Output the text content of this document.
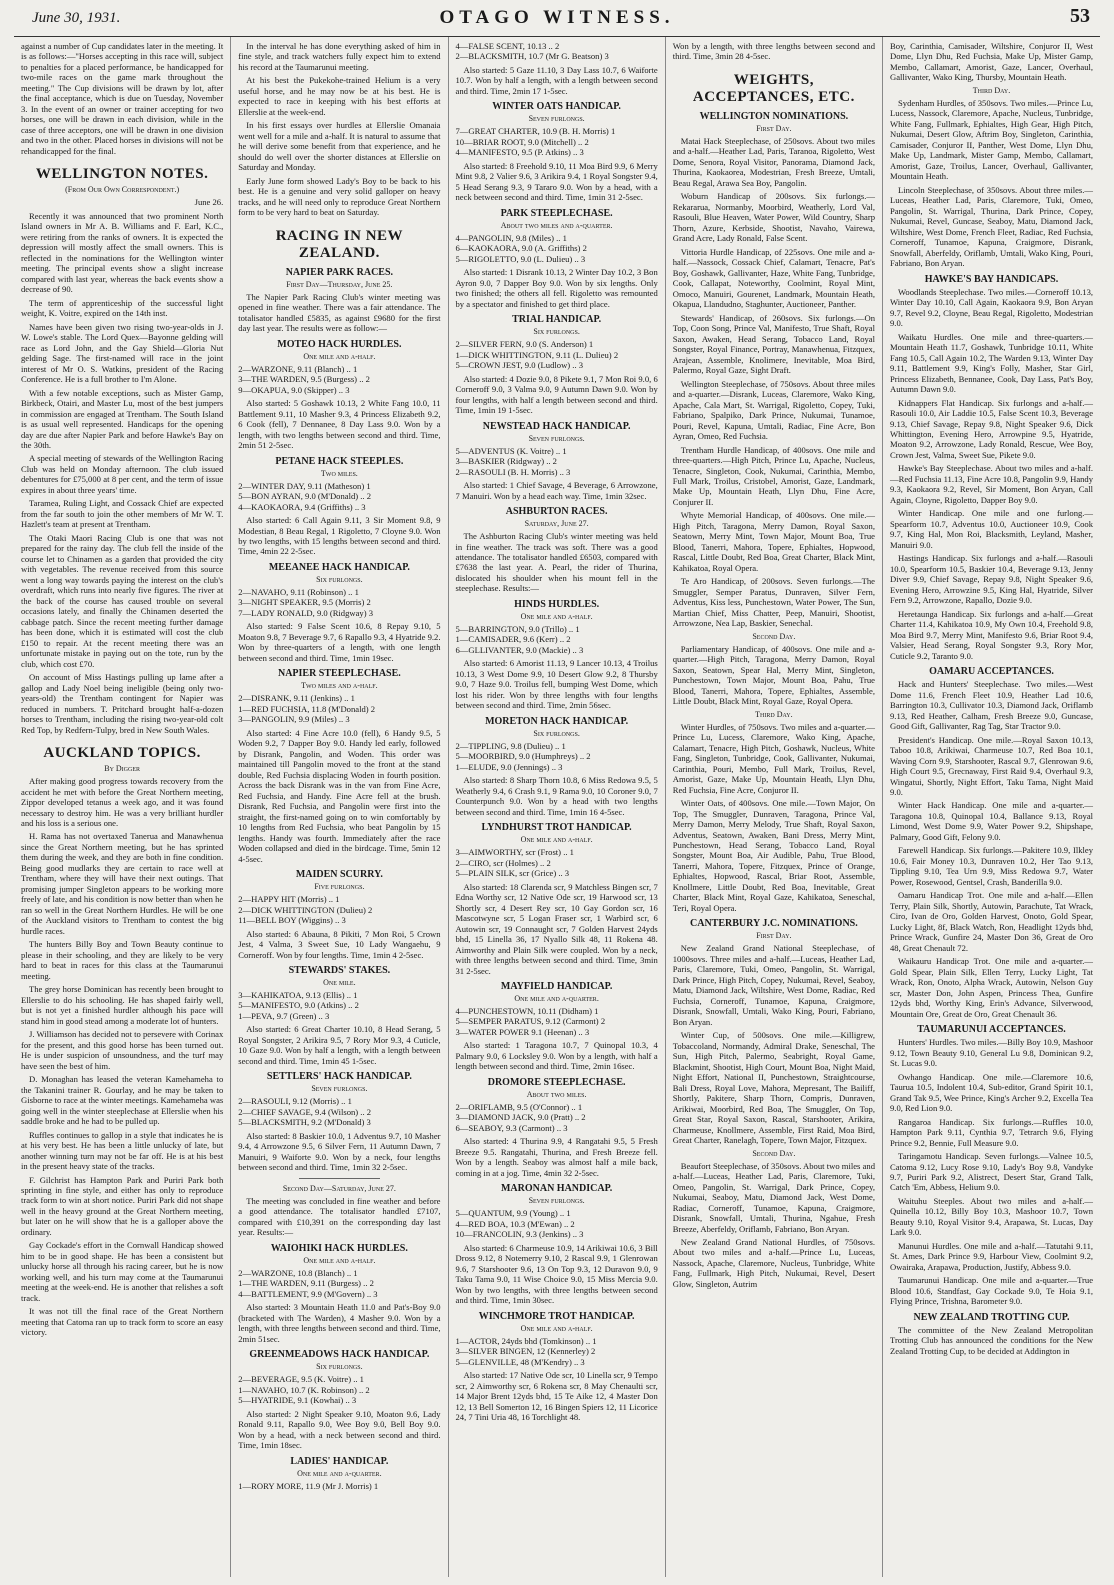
June 30, 1931.	OTAGO WITNESS.	53

against a number of Cup candidates later in the meeting. It is as follows:—"Horses accepting in this race will, subject to penalties for a placed performance, be handicapped for two-mile races on the game mark throughout the meeting." The Cup divisions will be drawn by lot, after the final acceptance, which is due on Tuesday, November 3. In the event of an owner or trainer accepting for two horses, one will be drawn in each division, while in the case of three acceptors, one will be drawn in one division and two in the other. Placed horses in divisions will not be rehandicapped for the final.

WELLINGTON NOTES.
(From Our Own Correspondent.)

June 26.

Recently it was announced that two prominent North Island owners in Mr A. B. Williams and F. Earl, K.C., were retiring from the ranks of owners. It is expected the depression will mostly affect the small owners. This is reflected in the nominations for the Wellington winter meeting. The principal events show a slight increase compared with last year, whereas the back events show a decrease of 90.

The term of apprenticeship of the successful light weight, K. Voitre, expired on the 14th inst.

Names have been given two rising two-year-olds in J. W. Lowe's stable. The Lord Quex—Bayonne gelding will race as Lord John, and the Gay Shield—Gloria Nut gelding Sage. The first-named will race in the joint interest of Mr O. S. Watkins, president of the Racing Conference. He is a full brother to I'm Alone.

With a few notable exceptions, such as Mister Gamp, Birkbeck, Otairi, and Master Lu, most of the best jumpers in commission are engaged at Trentham. The South Island is as usual well represented. Handicaps for the opening day are due after Napier Park and before Hawke's Bay on the 30th.

A special meeting of stewards of the Wellington Racing Club was held on Monday afternoon. The club issued debentures for £75,000 at 8 per cent, and the term of issue expires in about three years' time.

Taramea, Ruling Light, and Cossack Chief are expected from the far south to join the other members of Mr W. T. Hazlett's team at present at Trentham.

The Otaki Maori Racing Club is one that was not prepared for the rainy day. The club fell the inside of the course let to Chinamen as a garden that provided the city with vegetables. The revenue received from this source went a long way towards paying the interest on the club's overdraft, which runs into nearly five figures. The river at the back of the course has caused trouble on several occasions lately, and finally the Chinamen deserted the cabbage patch. Since the recent meeting further damage has been done, which it is estimated will cost the club £150 to repair. At the recent meeting there was an unfortunate mistake in paying out on the tote, run by the club, which cost £70.

On account of Miss Hastings pulling up lame after a gallop and Lady Noel being ineligible (being only two-years-old) the Trentham contingent for Napier was reduced in numbers. T. Pritchard brought half-a-dozen horses to Trentham, including the rising two-year-old colt Red Top, by Redfern-Tulpy, bred in New South Wales.

AUCKLAND TOPICS.
By Digger

After making good progress towards recovery from the accident he met with before the Great Northern meeting, Zippor developed tetanus a week ago, and it was found necessary to destroy him. He was a very brilliant hurdler and his loss is a serious one.

H. Rama has not overtaxed Tanerua and Manawhenua since the Great Northern meeting, but he has sprinted them during the week, and they are both in fine condition. Being good mudlarks they are certain to race well at Trentham, where they will have their next outings. That promising jumper Singleton appears to be working more freely of late, and his condition is now better than when he ran so well in the Great Northern Hurdles. He will be one of the Auckland visitors to Trentham to contest the big hurdle races.

The hunters Billy Boy and Town Beauty continue to please in their schooling, and they are likely to be very hard to beat in races for this class at the Taumarunui meeting.

The grey horse Dominican has recently been brought to Ellerslie to do his schooling. He has shaped fairly well, but is not yet a finished hurdler although his pace will stand him in good stead among a moderate lot of hunters.

J. Williamson has decided not to persevere with Corinax for the present, and this good horse has been turned out. He is under suspicion of unsoundness, and the turf may have seen the best of him.

D. Monaghan has leased the veteran Kamehameha to the Takanini trainer R. Gourlay, and he may be taken to Gisborne to race at the winter meetings. Kamehameha was going well in the winter steeplechase at Ellerslie when his saddle broke and he had to be pulled up.

Ruffles continues to gallop in a style that indicates he is at his very best. He has been a little unlucky of late, but another winning turn may not be far off. He is at his best in the present heavy state of the tracks.

F. Gilchrist has Hampton Park and Puriri Park both sprinting in fine style, and either has only to reproduce track form to win at short notice. Puriri Park did not shape well in the heavy ground at the Great Northern meeting, but later on he will show that he is a galloper above the ordinary.

Gay Cockade's effort in the Cornwall Handicap showed him to be in good shape. He has been a consistent but unlucky horse all through his racing career, but he is now working well, and his turn may come at the Taumarunui meeting at the week-end. He is another that relishes a soft track.

It was not till the final race of the Great Northern meeting that Catoma ran up to track form to score an easy victory.

In the interval he has done everything asked of him in fine style, and track watchers fully expect him to extend his record at the Taumarunui meeting.

At his best the Pukekohe-trained Helium is a very useful horse, and he may now be at his best. He is expected to race in keeping with his best efforts at Ellerslie at the week-end.

In his first essays over hurdles at Ellerslie Omanaia went well for a mile and a-half. It is natural to assume that he will derive some benefit from that experience, and he should do well over the shorter distances at Ellerslie on Saturday and Monday.

Early June form showed Lady's Boy to be back to his best. He is a genuine and very solid galloper on heavy tracks, and he will need only to reproduce Great Northern form to be very hard to beat on Saturday.

RACING IN NEW ZEALAND.
NAPIER PARK RACES.
First Day—Thursday, June 25.

The Napier Park Racing Club's winter meeting was opened in fine weather. There was a fair attendance. The totalisator handled £5835, as against £9680 for the first day last year. The results were as follow:—

MOTEO HACK HURDLES.
One mile and a-half.
2—WARZONE, 9.11 (Blanch) .. 1
3—THE WARDEN, 9.5 (Burgess) .. 2
9—OKAPUA, 9.0 (Skipper) .. 3

Also started: 5 Goshawk 10.13, 2 White Fang 10.0, 11 Battlement 9.11, 10 Masher 9.3, 4 Princess Elizabeth 9.2, 6 Cook (fell), 7 Dennanee, 8 Day Lass 9.0. Won by a length, with two lengths between second and third. Time, 2min 51 2-5sec.

PETANE HACK STEEPLES.
Two miles.
2—WINTER DAY, 9.11 (Matheson) 1
5—BON AYRAN, 9.0 (M'Donald) .. 2
4—KAOKAORA, 9.4 (Griffiths) .. 3

Also started: 6 Call Again 9.11, 3 Sir Moment 9.8, 9 Modestian, 8 Beau Regal, 1 Rigoletto, 7 Cloyne 9.0. Won by two lengths, with 15 lengths between second and third. Time, 4min 22 2-5sec.

MEEANEE HACK HANDICAP.
Six furlongs.
2—NAVAHO, 9.11 (Robinson) .. 1
3—NIGHT SPEAKER, 9.5 (Morris) 2
7—LADY RONALD, 9.0 (Ridgway) 3

Also started: 9 False Scent 10.6, 8 Repay 9.10, 5 Moaton 9.8, 7 Beverage 9.7, 6 Rapallo 9.3, 4 Hyatride 9.2. Won by three-quarters of a length, with one length between second and third. Time, 1min 19sec.

NAPIER STEEPLECHASE.
Two miles and a-half.
2—DISRANK, 9.11 (Jenkins) .. 1
1—RED FUCHSIA, 11.8 (M'Donald) 2
3—PANGOLIN, 9.9 (Miles) .. 3

Also started: 4 Fine Acre 10.0 (fell), 6 Handy 9.5, 5 Woden 9.2, 7 Dapper Boy 9.0. Handy led early, followed by Disrank, Pangolin, and Woden. This order was maintained till Pangolin moved to the front at the stand double, Red Fuchsia displacing Woden in fourth position. Across the back Disrank was in the van from Fine Acre, Red Fuchsia, and Handy. Fine Acre fell at the brush. Disrank, Red Fuchsia, and Pangolin were first into the straight, the first-named going on to win comfortably by 10 lengths from Red Fuchsia, who beat Pangolin by 15 lengths. Handy was fourth. Immediately after the race Woden collapsed and died in the birdcage. Time, 5min 12 4-5sec.

MAIDEN SCURRY.
Five furlongs.
2—HAPPY HIT (Morris) .. 1
2—DICK WHITTINGTON (Dulieu) 2
11—BELL BOY (Wiggins) .. 3

Also started: 6 Abauna, 8 Pikiti, 7 Mon Roi, 5 Crown Jest, 4 Valma, 3 Sweet Sue, 10 Lady Wangaehu, 9 Corneroff. Won by four lengths. Time, 1min 4 2-5sec.

STEWARDS' STAKES.
One mile.
3—KAHIKATOA, 9.13 (Ellis) .. 1
5—MANIFESTO, 9.0 (Atkins) .. 2
1—PEVA, 9.7 (Green) .. 3

Also started: 6 Great Charter 10.10, 8 Head Serang, 5 Royal Songster, 2 Arikira 9.5, 7 Rory Mor 9.3, 4 Cuticle, 10 Gaze 9.0. Won by half a length, with a length between second and third. Time, 1min 45 1-5sec.

SETTLERS' HACK HANDICAP.
Seven furlongs.
2—RASOULI, 9.12 (Morris) .. 1
2—CHIEF SAVAGE, 9.4 (Wilson) .. 2
5—BLACKSMITH, 9.2 (M'Donald) 3

Also started: 8 Baskier 10.0, 1 Adventus 9.7, 10 Masher 9.4, 4 Arrowzone 9.5, 6 Silver Fern, 11 Autumn Dawn, 7 Manuiri, 9 Waiforte 9.0. Won by a neck, four lengths between second and third. Time, 1min 32 2-5sec.

Second Day—Saturday, June 27.

The meeting was concluded in fine weather and before a good attendance. The totalisator handled £7107, compared with £10,391 on the corresponding day last year. Results:—

WAIOHIKI HACK HURDLES.
One mile and a-half.
2—WARZONE, 10.8 (Blanch) .. 1
1—THE WARDEN, 9.11 (Burgess) .. 2
4—BATTLEMENT, 9.9 (M'Govern) .. 3

Also started: 3 Mountain Heath 11.0 and Pat's-Boy 9.0 (bracketed with The Warden), 4 Masher 9.0. Won by a length, with three lengths between second and third. Time, 2min 51sec.

GREENMEADOWS HACK HANDICAP.
Six furlongs.
2—BEVERAGE, 9.5 (K. Voitre) .. 1
1—NAVAHO, 10.7 (K. Robinson) .. 2
5—HYATRIDE, 9.1 (Kowhai) .. 3

Also started: 2 Night Speaker 9.10, Moaton 9.6, Lady Ronald 9.11, Rapallo 9.0, Wee Boy 9.0, Bell Boy 9.0. Won by a head, with a neck between second and third. Time, 1min 18sec.

LADIES' HANDICAP.
One mile and a-quarter.
1—RORY MORE, 11.9 (Mr J. Morris) 1
4—FALSE SCENT, 10.13 .. 2
2—BLACKSMITH, 10.7 (Mr G. Beatson) 3

Also started: 5 Gaze 11.10, 3 Day Lass 10.7, 6 Waiforte 10.7. Won by half a length, with a length between second and third. Time, 2min 17 1-5sec.

WINTER OATS HANDICAP.
Seven furlongs.
7—GREAT CHARTER, 10.9 (B. H. Morris) 1
10—BRIAR ROOT, 9.0 (Mitchell) .. 2
4—MANIFESTO, 9.5 (P. Atkins) .. 3

Also started: 8 Freehold 9.10, 11 Moa Bird 9.9, 6 Merry Mint 9.8, 2 Valier 9.6, 3 Arikira 9.4, 1 Royal Songster 9.4, 5 Head Serang 9.3, 9 Tararo 9.0. Won by a head, with a neck between second and third. Time, 1min 31 2-5sec.

PARK STEEPLECHASE.
About two miles and a-quarter.
4—PANGOLIN, 9.8 (Miles) .. 1
6—KAOKAORA, 9.0 (A. Griffiths) 2
5—RIGOLETTO, 9.0 (L. Dulieu) .. 3

Also started: 1 Disrank 10.13, 2 Winter Day 10.2, 3 Bon Ayron 9.0, 7 Dapper Boy 9.0. Won by six lengths. Only two finished; the others all fell. Rigoletto was remounted by a spectator and finished to get third place.

TRIAL HANDICAP.
Six furlongs.
2—SILVER FERN, 9.0 (S. Anderson) 1
1—DICK WHITTINGTON, 9.11 (L. Dulieu) 2
5—CROWN JEST, 9.0 (Ludlow) .. 3

Also started: 4 Dozie 9.0, 8 Pikete 9.1, 7 Mon Roi 9.0, 6 Corneroff 9.0, 3 Valma 9.0, 9 Autumn Dawn 9.0. Won by four lengths, with half a length between second and third. Time, 1min 19 1-5sec.

NEWSTEAD HACK HANDICAP.
Seven furlongs.
5—ADVENTUS (K. Voitre) .. 1
3—BASKIER (Ridgway) .. 2
2—RASOULI (B. H. Morris) .. 3

Also started: 1 Chief Savage, 4 Beverage, 6 Arrowzone, 7 Manuiri. Won by a head each way. Time, 1min 32sec.

ASHBURTON RACES.
Saturday, June 27.

The Ashburton Racing Club's winter meeting was held in fine weather. The track was soft. There was a good attendance. The totalisator handled £6503, compared with £7638 the last year. A. Pearl, the rider of Thurina, dislocated his shoulder when his mount fell in the steeplechase. Results:—

HINDS HURDLES.
One mile and a-half.
5—BARRINGTON, 9.0 (Trillo) .. 1
1—CAMISADER, 9.6 (Kerr) .. 2
6—GLLIVANTER, 9.0 (Mackie) .. 3

Also started: 6 Amorist 11.13, 9 Lancer 10.13, 4 Troilus 10.13, 3 West Dome 9.9, 10 Desert Glow 9.2, 8 Thursby 9.0, 7 Haze 9.0. Troilus fell, bumping West Dome, which lost his rider. Won by three lengths with four lengths between second and third. Time, 2min 56sec.

MORETON HACK HANDICAP.
Six furlongs.
2—TIPPLING, 9.8 (Dulieu) .. 1
5—MOORBIRD, 9.0 (Humphreys) .. 2
1—ELUDE, 9.0 (Jennings) .. 3

Also started: 8 Sharp Thorn 10.8, 6 Miss Redowa 9.5, 5 Weatherly 9.4, 6 Crash 9.1, 9 Rama 9.0, 10 Coroner 9.0, 7 Counterpunch 9.0. Won by a head with two lengths between second and third. Time, 1min 16 4-5sec.

LYNDHURST TROT HANDICAP.
One mile and a-half.
3—AIMWORTHY, scr (Frost) .. 1
2—CIRO, scr (Holmes) .. 2
5—PLAIN SILK, scr (Grice) .. 3

Also started: 18 Clarenda scr, 9 Matchless Bingen scr, 7 Edna Worthy scr, 12 Native Ode scr, 19 Harwood scr, 13 Shortly scr, 4 Desert Rey scr, 10 Gay Gordon scr, 16 Mascotwyne scr, 5 Logan Fraser scr, 1 Warbird scr, 6 Autowin scr, 19 Connaught scr, 7 Golden Harvest 24yds bhd, 15 Linella 36, 17 Nyallo Silk 48, 11 Rokena 48. Aimworthy and Plain Silk were coupled. Won by a neck, with three lengths between second and third. Time, 3min 31 2-5sec.

MAYFIELD HANDICAP.
One mile and a-quarter.
4—PUNCHESTOWN, 10.11 (Didham) 1
5—SEMPER PARATUS, 9.12 (Carmont) 2
3—WATER POWER 9.1 (Heenan) .. 3

Also started: 1 Taragona 10.7, 7 Quinopal 10.3, 4 Palmary 9.0, 6 Locksley 9.0. Won by a length, with half a length between second and third. Time, 2min 16sec.

DROMORE STEEPLECHASE.
About two miles.
2—ORIFLAMB, 9.5 (O'Connor) .. 1
3—DIAMOND JACK, 9.0 (Pratt) .. 2
6—SEABOY, 9.3 (Carmont) .. 3

Also started: 4 Thurina 9.9, 4 Rangatahi 9.5, 5 Fresh Breeze 9.5. Rangatahi, Thurina, and Fresh Breeze fell. Won by a length. Seaboy was almost half a mile back, coming in at a jog. Time, 4min 32 2-5sec.

MARONAN HANDICAP.
Seven furlongs.
5—QUANTUM, 9.9 (Young) .. 1
4—RED BOA, 10.3 (M'Ewan) .. 2
10—FRANCOLIN, 9.3 (Jenkins) .. 3

Also started: 6 Charmeuse 10.9, 14 Arikiwai 10.6, 3 Bill Dross 9.12, 8 Notemerry 9.10, 2 Rascal 9.9, 1 Glenrowan 9.6, 7 Starshooter 9.6, 13 On Top 9.3, 12 Duravon 9.0, 9 Taku Tama 9.0, 11 Wise Choice 9.0, 15 Miss Mercia 9.0. Won by two lengths, with three lengths between second and third. Time, 1min 30sec.

WINCHMORE TROT HANDICAP.
One mile and a-half.
1—ACTOR, 24yds bhd (Tomkinson) .. 1
3—SILVER BINGEN, 12 (Kennerley) 2
5—GLENVILLE, 48 (M'Kendry) .. 3

Also started: 17 Native Ode scr, 10 Linella scr, 9 Tempo scr, 2 Aimworthy scr, 6 Rokena scr, 8 May Chenaulti scr, 14 Major Brent 12yds bhd, 15 Te Aike 12, 4 Master Don 12, 13 Bell Somerton 12, 16 Bingen Spiers 12, 11 Licorice 24, 7 Tini Uria 48, 16 Torchlight 48.

Won by a length, with three lengths between second and third. Time, 3min 28 4-5sec.

WEIGHTS, ACCEPTANCES, ETC.
WELLINGTON NOMINATIONS.
First Day.

Matai Hack Steeplechase, of 250sovs. About two miles and a-half.—Heather Lad, Paris, Taranoa, Rigoletto, West Dome, Senora, Royal Visitor, Panorama, Diamond Jack, Thurina, Kaokaorea, Modestrian, Fresh Breeze, Umtali, Beau Regal, Arawa Sea Boy, Pangolin.

Woburn Handicap of 200sovs. Six furlongs.—Rekararua, Normanby, Moorbird, Weatherly, Lord Val, Rasouli, Blue Heaven, Water Power, Wild Country, Sharp Thorn, Azure, Kerbside, Shootist, Navaho, Vairewa, Grand Acre, Lady Ronald, False Scent.

Vittoria Hurdle Handicap, of 225sovs. One mile and a-half.—Nassock, Cossack Chief, Calamart, Tenacre, Pat's Boy, Goshawk, Gallivanter, Haze, White Fang, Tunbridge, Cook, Callapat, Noteworthy, Coolmint, Royal Mint, Omoco, Manuiri, Gourenet, Landmark, Mountain Heath, Okapua, Llandudno, Staghunter, Auctioneer, Panther.

Stewards' Handicap, of 260sovs. Six furlongs.—On Top, Coon Song, Prince Val, Manifesto, True Shaft, Royal Saxon, Awaken, Head Serang, Tobacco Land, Royal Songster, Royal Finance, Portray, Manawhenua, Fitzquex, Arajean, Assemble, Knolimere, Inevitable, Moa Bird, Palermo, Royal Gaze, Sight Draft.

Wellington Steeplechase, of 750sovs. About three miles and a-quarter.—Disrank, Luceas, Claremore, Wako King, Apache, Cala Mart, St. Warrigal, Rigoletto, Copey, Tuki, Fabriano, Spalpiko, Dark Prince, Nukumai, Tunamoe, Pouri, Revel, Kapuna, Umtali, Radiac, Fine Acre, Bon Ayran, Omeo, Red Fuchsia.

Trentham Hurdle Handicap, of 400sovs. One mile and three-quarters.—High Pitch, Prince Lu, Apache, Nucleus, Tenacre, Singleton, Cook, Nukumai, Carinthia, Membo, Full Mark, Troilus, Cristobel, Amorist, Gaze, Landmark, Make Up, Mountain Heath, Llyn Dhu, Fine Acre, Conjurer II.

Whyte Memorial Handicap, of 400sovs. One mile.—High Pitch, Taragona, Merry Damon, Royal Saxon, Seatown, Merry Mint, Town Major, Mount Boa, True Blood, Tanerri, Mahora, Topere, Ephialtes, Hopwood, Rascal, Little Doubt, Red Boa, Great Charter, Black Mint, Kahikatoa, Royal Opera.

Te Aro Handicap, of 200sovs. Seven furlongs.—The Smuggler, Semper Paratus, Dunraven, Silver Fern, Adventus, Kiss less, Punchestown, Water Power, The Sun, Martian Chief, Miss Chatter, Peep, Manuiri, Shootist, Arrowzone, Nea Lap, Baskier, Senechal.

Second Day.

Parliamentary Handicap, of 400sovs. One mile and a-quarter.—High Pitch, Taragona, Merry Damon, Royal Saxon, Seatown, Spear Hal, Merry Mint, Singleton, Punchestown, Town Major, Mount Boa, Pahu, True Blood, Tanerri, Mahora, Topere, Ephialtes, Assemble, Little Doubt, Black Mint, Royal Gaze, Royal Opera.

Third Day.

Winter Hurdles, of 750sovs. Two miles and a-quarter.—Prince Lu, Lucess, Claremore, Wako King, Apache, Calamart, Tenacre, High Pitch, Goshawk, Nucleus, White Fang, Singleton, Tunbridge, Cook, Gallivanter, Nukumai, Carinthia, Pouri, Membo, Full Mark, Troilus, Revel, Amorist, Gaze, Make Up, Mountain Heath, Llyn Dhu, Red Fuchsia, Fine Acre, Conjuror II.

Winter Oats, of 400sovs. One mile.—Town Major, On Top, The Smuggler, Dunraven, Taragona, Prince Val, Merry Damon, Merry Melody, True Shaft, Royal Saxon, Adventus, Seatown, Awaken, Bani Dress, Merry Mint, Punchestown, Head Serang, Tobacco Land, Royal Songster, Mount Boa, Air Audible, Pahu, True Blood, Tanerri, Mahora, Topere, Fitzquex, Prince of Orange, Ephialtes, Hopwood, Rascal, Briar Root, Assemble, Knollmere, Little Doubt, Red Boa, Inevitable, Great Charter, Black Mint, Royal Gaze, Kahikatoa, Seneschal, Teri, Royal Opera.

CANTERBURY J.C. NOMINATIONS.
First Day.

New Zealand Grand National Steeplechase, of 1000sovs. Three miles and a-half.—Luceas, Heather Lad, Paris, Claremore, Tuki, Omeo, Pangolin, St. Warrigal, Dark Prince, High Pitch, Copey, Nukumai, Revel, Seaboy, Matu, Diamond Jack, Wiltshire, West Dome, Radiac, Red Fuchsia, Corneroff, Tunamoe, Kapuna, Craigmore, Disrank, Snowfall, Umtali, Wako King, Pouri, Fabriano, Bon Aryan.

Winter Cup, of 500sovs. One mile.—Killigrew, Tobaccoland, Normandy, Admiral Drake, Seneschal, The Sun, High Pitch, Palermo, Seabright, Royal Game, Blackmint, Shootist, High Court, Mount Boa, Night Maid, Night Effort, National II, Punchestown, Straightcourse, Bali Dress, Royal Love, Mahora, Mepresant, The Bailiff, Shortly, Pakitere, Sharp Thorn, Compris, Dunraven, Arikiwai, Moorbird, Red Boa, The Smuggler, On Top, Great Star, Royal Saxon, Rascal, Starshooter, Arikira, Charmeuse, Knollmere, Assemble, First Raid, Moa Bird, Great Charter, Ranelagh, Topere, Town Major, Fitzquex.

Second Day.

Beaufort Steeplechase, of 350sovs. About two miles and a-half.—Luceas, Heather Lad, Paris, Claremore, Tuki, Omeo, Pangolin, St. Warrigal, Dark Prince, Copey, Nukumai, Seaboy, Matu, Diamond Jack, West Dome, Radiac, Corneroff, Tunamoe, Kapuna, Craigmore, Disrank, Snowfall, Umtali, Thurina, Ngahue, Fresh Breeze, Aberfeldy, Oriflamb, Fabriano, Bon Aryan.

New Zealand Grand National Hurdles, of 750sovs. About two miles and a-half.—Prince Lu, Luceas, Nassock, Apache, Claremore, Nucleus, Tunbridge, White Fang, Fullmark, High Pitch, Nukumai, Revel, Desert Glow, Singleton, Autrim

Boy, Carinthia, Camisader, Wiltshire, Conjuror II, West Dome, Llyn Dhu, Red Fuchsia, Make Up, Mister Gamp, Membo, Callamart, Amorist, Gaze, Lancer, Overhaul, Gallivanter, Wako King, Thursby, Mountain Heath.

Third Day.

Sydenham Hurdles, of 350sovs. Two miles.—Prince Lu, Lucess, Nassock, Claremore, Apache, Nucleus, Tunbridge, White Fang, Fullmark, Ephialtes, High Gear, High Pitch, Nukumai, Desert Glow, Aftrim Boy, Singleton, Carinthia, Camisader, Conjuror II, Panther, West Dome, Llyn Dhu, Make Up, Landmark, Mister Gamp, Membo, Callamart, Amorist, Gaze, Troilus, Lancer, Overhaul, Gallivanter, Mountain Heath.

Lincoln Steeplechase, of 350sovs. About three miles.—Luceas, Heather Lad, Paris, Claremore, Tuki, Omeo, Pangolin, St. Warrigal, Thurina, Dark Prince, Copey, Nukumai, Revel, Guncase, Seaboy, Matu, Diamond Jack, Wiltshire, West Dome, French Fleet, Radiac, Red Fuchsia, Corneroff, Tunamoe, Kapuna, Craigmore, Disrank, Snowfall, Aberfeldy, Oriflamb, Umtali, Wako King, Pouri, Fabriano, Bon Aryan.

HAWKE'S BAY HANDICAPS.

Woodlands Steeplechase. Two miles.—Corneroff 10.13, Winter Day 10.10, Call Again, Kaokaora 9.9, Bon Aryan 9.7, Revel 9.2, Cloyne, Beau Regal, Rigoletto, Modestrian 9.0.

Waikatu Hurdles. One mile and three-quarters.—Mountain Heath 11.7, Goshawk, Tunbridge 10.11, White Fang 10.5, Call Again 10.2, The Warden 9.13, Winter Day 9.11, Battlement 9.9, King's Folly, Masher, Star Girl, Princess Elizabeth, Bennanee, Cook, Day Lass, Pat's Boy, Autumn Dawn 9.0.

Kidnappers Flat Handicap. Six furlongs and a-half.—Rasouli 10.0, Air Laddie 10.5, False Scent 10.3, Beverage 9.13, Chief Savage, Repay 9.8, Night Speaker 9.6, Dick Whittington, Evening Hero, Arrowpine 9.5, Hyatride, Moaton 9.2, Arrowzone, Lady Ronald, Rescue, Wee Boy, Crown Jest, Valma, Sweet Sue, Pikete 9.0.

Hawke's Bay Steeplechase. About two miles and a-half.—Red Fuchsia 11.13, Fine Acre 10.8, Pangolin 9.9, Handy 9.3, Kaokaora 9.2, Revel, Sir Moment, Bon Aryan, Call Again, Cloyne, Rigoletto, Dapper Boy 9.0.

Winter Handicap. One mile and one furlong.—Spearform 10.7, Adventus 10.0, Auctioneer 10.9, Cook 9.7, King Hal, Mon Roi, Blacksmith, Leyland, Masher, Manuiri 9.0.

Hastings Handicap. Six furlongs and a-half.—Rasouli 10.0, Spearform 10.5, Baskier 10.4, Beverage 9.13, Jenny Diver 9.9, Chief Savage, Repay 9.8, Night Speaker 9.6, Evening Hero, Arrowzine 9.5, King Hal, Hyatride, Silver Fern 9.2, Arrowzone, Rapallo, Dozie 9.0.

Heretaunga Handicap. Six furlongs and a-half.—Great Charter 11.4, Kahikatoa 10.9, My Own 10.4, Freehold 9.8, Moa Bird 9.7, Merry Mint, Manifesto 9.6, Briar Root 9.4, Valsier, Head Serang, Royal Songster 9.3, Rory Mor, Cuticle 9.2, Taranto 9.0.

OAMARU ACCEPTANCES.

Hack and Hunters' Steeplechase. Two miles.—West Dome 11.6, French Fleet 10.9, Heather Lad 10.6, Barrington 10.3, Cullivator 10.3, Diamond Jack, Oriflamb 9.13, Red Heather, Calham, Fresh Breeze 9.0, Guncase, Good Gift, Gallivanter, Rag Tag, Star Tractor 9.0.

President's Handicap. One mile.—Royal Saxon 10.13, Taboo 10.8, Arikiwai, Charmeuse 10.7, Red Boa 10.1, Waving Corn 9.9, Starshooter, Rascal 9.7, Glenrowan 9.6, High Court 9.5, Grecnaway, First Raid 9.4, Overhaul 9.3, Wingatui, Shortly, Night Effort, Taku Tama, Night Maid 9.0.

Winter Hack Handicap. One mile and a-quarter.—Taragona 10.8, Quinopal 10.4, Ballance 9.13, Royal Limond, West Dome 9.9, Water Power 9.2, Shipshape, Palmary, Good Gift, Felony 9.0.

Farewell Handicap. Six furlongs.—Pakitere 10.9, Ilkley 10.6, Fair Money 10.3, Dunraven 10.2, Her Tao 9.13, Tippling 9.10, Tea Urn 9.9, Miss Redowa 9.7, Water Power, Rosewood, Gentsel, Crash, Banderilla 9.0.

Oamaru Handicap Trot. One mile and a-half.—Ellen Terry, Plain Silk, Shortly, Autowin, Parachute, Tat Wrack, Ciro, Ivan de Oro, Golden Harvest, Onoto, Gold Spear, Lucky Light, 8f, Black Watch, Ron, Headlight 12yds bhd, Prince Wrack, Gunfire 24, Master Don 36, Great de Oro 48, Great Chenault 72.

Waikauru Handicap Trot. One mile and a-quarter.—Gold Spear, Plain Silk, Ellen Terry, Lucky Light, Tat Wrack, Ron, Onoto, Alpha Wrack, Autowin, Nelson Guy scr, Master Don, John Aspen, Princess Thea, Gunfire 12yds bhd, Worthy King, Erin's Advance, Silverwood, Mountain Ore, Great de Oro, Great Chenault 36.

TAUMARUNUI ACCEPTANCES.

Hunters' Hurdles. Two miles.—Billy Boy 10.9, Mashoor 9.12, Town Beauty 9.10, General Lu 9.8, Dominican 9.2, St. Lucas 9.0.

Owhango Handicap. One mile.—Claremore 10.6, Taurua 10.5, Indolent 10.4, Sub-editor, Grand Spirit 10.1, Grand Tak 9.5, Wee Prince, King's Archer 9.2, Excella Tea 9.0, Red Lion 9.0.

Rangaroa Handicap. Six furlongs.—Ruffles 10.0, Hampton Park 9.11, Cynthia 9.7, Tetrarch 9.6, Flying Prince 9.2, Bennie, Full Measure 9.0.

Taringamotu Handicap. Seven furlongs.—Valnee 10.5, Catoma 9.12, Lucy Rose 9.10, Lady's Boy 9.8, Vandyke 9.7, Puriri Park 9.2, Alistrect, Desert Star, Grand Talk, Catch 'Em, Abbess, Helium 9.0.

Waituhu Steeples. About two miles and a-half.—Quinella 10.12, Billy Boy 10.3, Mashoor 10.7, Town Beauty 9.10, Royal Visitor 9.4, Arapawa, St. Lucas, Day Lark 9.0.

Manunui Hurdles. One mile and a-half.—Tatutahi 9.11, St. Ames, Dark Prince 9.9, Harbour View, Coolmint 9.2, Owairaka, Arapawa, Production, Justify, Abbess 9.0.

Taumarunui Handicap. One mile and a-quarter.—True Blood 10.6, Standfast, Gay Cockade 9.0, Te Hoia 9.1, Flying Prince, Trishna, Barometer 9.0.

NEW ZEALAND TROTTING CUP.

The committee of the New Zealand Metropolitan Trotting Club has announced the conditions for the New Zealand Trotting Cup, to be decided at Addington in
